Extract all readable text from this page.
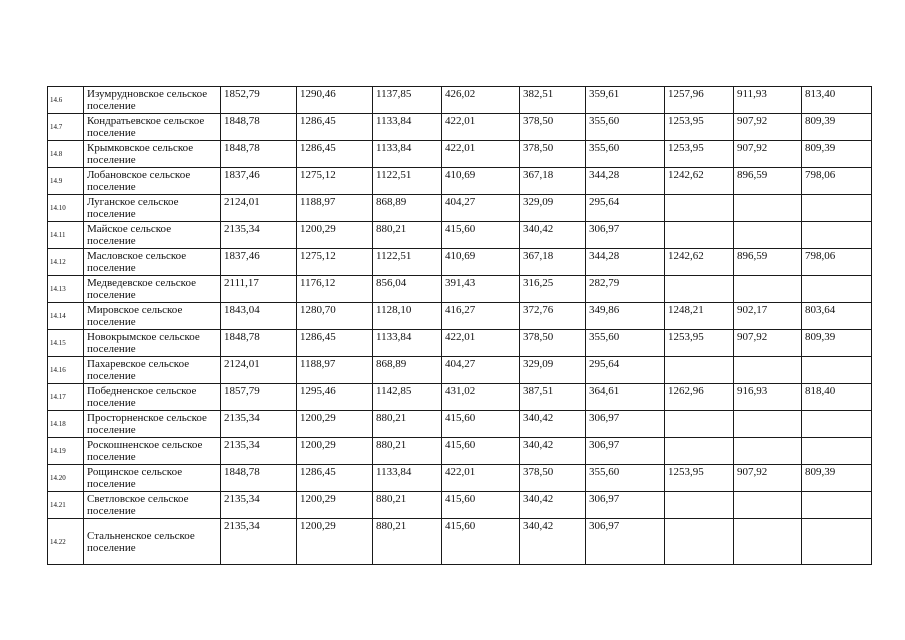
14.6	Изумрудновское сельское поселение	1852,79	1290,46	1137,85	426,02	382,51	359,61	1257,96	911,93	813,40
14.7	Кондратьевское сельское поселение	1848,78	1286,45	1133,84	422,01	378,50	355,60	1253,95	907,92	809,39
14.8	Крымковское сельское поселение	1848,78	1286,45	1133,84	422,01	378,50	355,60	1253,95	907,92	809,39
14.9	Лобановское сельское поселение	1837,46	1275,12	1122,51	410,69	367,18	344,28	1242,62	896,59	798,06
14.10	Луганское сельское поселение	2124,01	1188,97	868,89	404,27	329,09	295,64			
14.11	Майское сельское поселение	2135,34	1200,29	880,21	415,60	340,42	306,97			
14.12	Масловское сельское поселение	1837,46	1275,12	1122,51	410,69	367,18	344,28	1242,62	896,59	798,06
14.13	Медведевское сельское поселение	2111,17	1176,12	856,04	391,43	316,25	282,79			
14.14	Мировское сельское поселение	1843,04	1280,70	1128,10	416,27	372,76	349,86	1248,21	902,17	803,64
14.15	Новокрымское сельское поселение	1848,78	1286,45	1133,84	422,01	378,50	355,60	1253,95	907,92	809,39
14.16	Пахаревское сельское поселение	2124,01	1188,97	868,89	404,27	329,09	295,64			
14.17	Победненское сельское поселение	1857,79	1295,46	1142,85	431,02	387,51	364,61	1262,96	916,93	818,40
14.18	Просторненское сельское поселение	2135,34	1200,29	880,21	415,60	340,42	306,97			
14.19	Роскошненское сельское поселение	2135,34	1200,29	880,21	415,60	340,42	306,97			
14.20	Рощинское сельское поселение	1848,78	1286,45	1133,84	422,01	378,50	355,60	1253,95	907,92	809,39
14.21	Светловское сельское поселение	2135,34	1200,29	880,21	415,60	340,42	306,97			
14.22	Стальненское сельское поселение	2135,34	1200,29	880,21	415,60	340,42	306,97			
